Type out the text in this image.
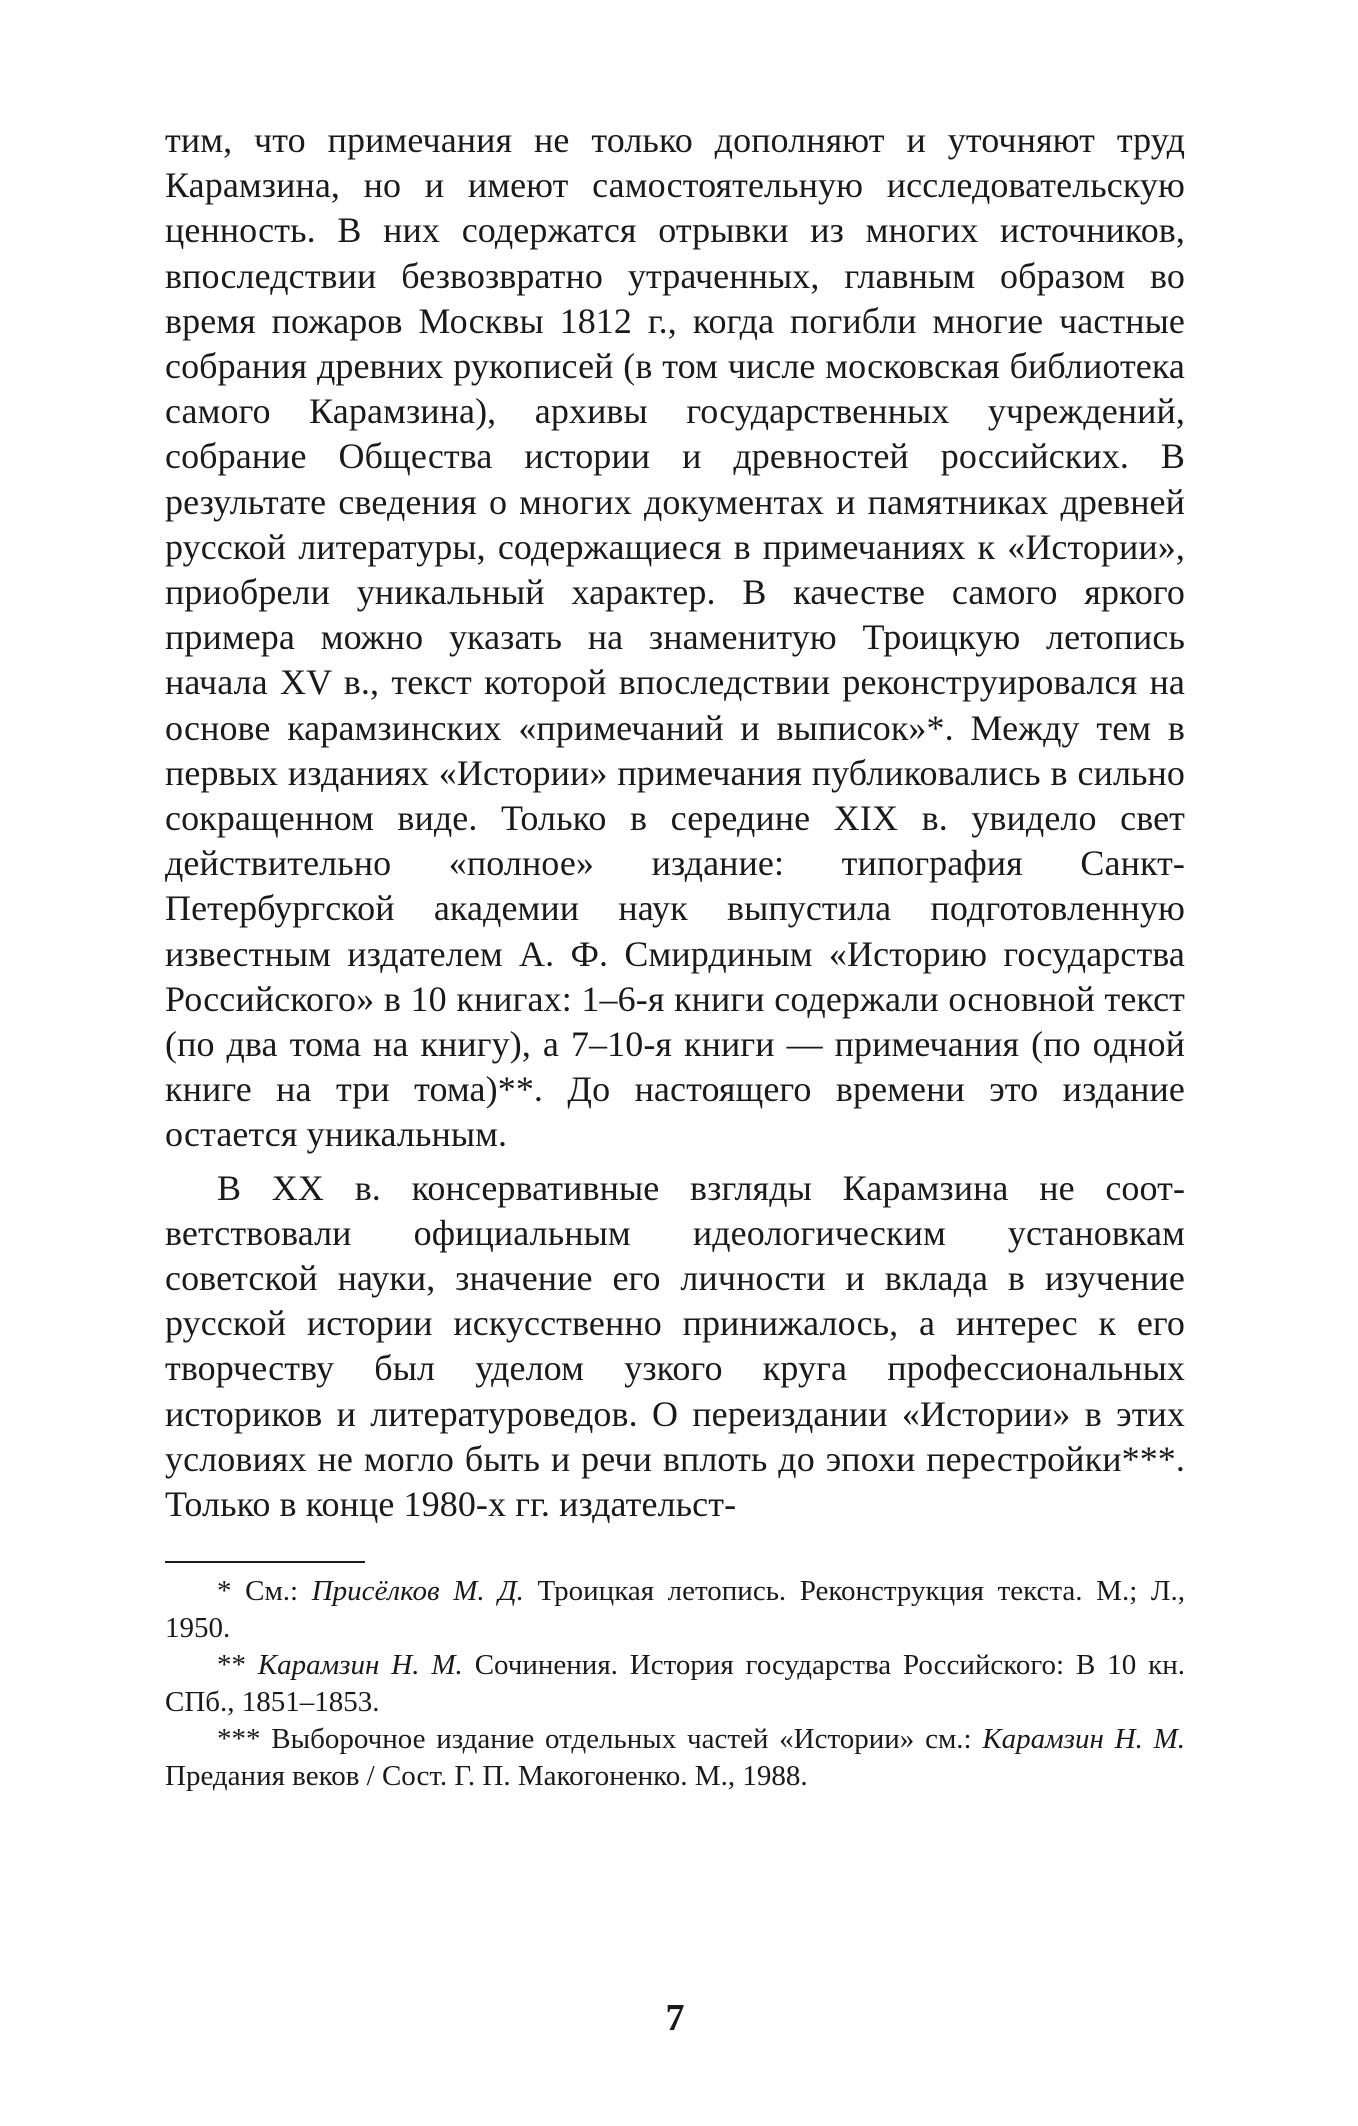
тим, что примечания не только дополняют и уточняют труд Карамзина, но и имеют самостоятельную исследовательскую ценность. В них содержатся отрывки из многих источников, впоследствии безвозвратно утраченных, главным образом во время пожаров Москвы 1812 г., когда погибли многие частные собрания древних рукописей (в том числе московская библиотека самого Карамзина), архивы государственных учреждений, собрание Общества истории и древностей российских. В результате сведения о многих документах и памятниках древней русской литературы, содержащиеся в примечаниях к «Истории», приобрели уникальный характер. В качестве самого яркого примера можно указать на знаменитую Троицкую летопись начала XV в., текст которой впоследствии реконструировался на основе карамзинских «примечаний и выписок»*. Между тем в первых изданиях «Истории» примечания публиковались в сильно сокращенном виде. Только в середине XIX в. увидело свет действительно «полное» издание: типография Санкт-Петербургской академии наук выпустила подготовленную известным издателем А. Ф. Смирдиным «Историю государства Российского» в 10 книгах: 1–6-я книги содержали основной текст (по два тома на книгу), а 7–10-я книги — примечания (по одной книге на три тома)**. До настоящего времени это издание остается уникальным.

В XX в. консервативные взгляды Карамзина не соответствовали официальным идеологическим установкам советской науки, значение его личности и вклада в изучение русской истории искусственно принижалось, а интерес к его творчеству был уделом узкого круга профессиональных историков и литературоведов. О переиздании «Истории» в этих условиях не могло быть и речи вплоть до эпохи перестройки***. Только в конце 1980-х гг. издательст-

* См.: Присёлков М. Д. Троицкая летопись. Реконструкция текста. М.; Л., 1950.

** Карамзин Н. М. Сочинения. История государства Российского: В 10 кн. СПб., 1851–1853.

*** Выборочное издание отдельных частей «Истории» см.: Карамзин Н. М. Предания веков / Сост. Г. П. Макогоненко. М., 1988.

7
